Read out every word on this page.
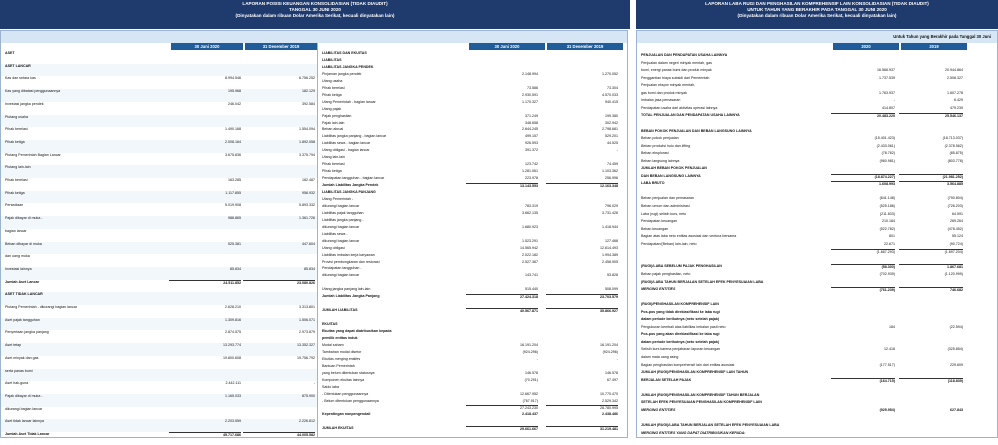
LAPORAN POSISI KEUANGAN KONSOLIDASIAN (TIDAK DIAUDIT)
TANGGAL 30 JUNI 2020
(Dinyatakan dalam ribuan Dolar Amerika Serikat, kecuali dinyatakan lain)
30 Juni 2020	31 Desember 2019	30 Juni 2020	31 Desember 2019
ASET
ASET LANCAR
Kas dan setara kas	8.994.546	6.756.252
Kas yang dibatasi penggunaannya	195.968	182.129
Investasi jangka pendek	246.042	392.584
Piutang usaha
Pihak berelasi	1.490.168	1.554.094
Pihak ketiga	2.008.164	1.892.058
Piutang Pemerintah Bagian Lancar	3.675.836	3.375.794
Piutang lain-lain
Pihak berelasi	163.285	182.487
Pihak ketiga	1.117.855	956.932
Persediaan	5.019.908	5.893.332
Pajak dibayar di muka -	988.865	1.361.726
bagian lancar
Beban dibayar di muka	525.381	447.604
dan uang muka
Investasi lainnya	85.834	85.834
Jumlah Aset Lancar	24.511.852	23.080.826
ASET TIDAK LANCAR
Piutang Pemerintah - dikurangi bagian lancar	2.628.210	3.313.801
Aset pajak tangguhan	1.309.816	1.506.071
Penyertaan jangka panjang	2.874.575	2.973.879
Aset tetap	13.293.774	13.352.327
Aset minyak dan gas	19.800.608	19.756.792
serta panas bumi
Aset hak-guna	2.442.111	-
Pajak dibayar di muka -	1.165.033	875.900
dikurangi bagian lancar
Aset tidak lancar lainnya	2.203.559	2.226.812
Jumlah Aset Tidak Lancar	45.717.686	44.005.582
LIABILITAS DAN EKUITAS
LIABILITAS
LIABILITAS JANGKA PENDEK
Pinjaman jangka pendek	2.148.994	1.270.052
Utang usaha
Pihak berelasi	73.586	73.304
Pihak ketiga	2.930.591	4.570.033
Utang Pemerintah - bagian lancar	1.170.327	940.415
Utang pajak
Pajak penghasilan	371.249	199.380
Pajak lain-lain	348.658	302.942
Beban akrual	2.644.245	2.798.681
Liabilitas jangka panjang - bagian lancar	499.157	529.201
Liabilitas sewa - bagian lancar	926.593	44.525
Utang obligasi - bagian lancar	391.372	-
Utang lain-lain
Pihak berelasi	123.742	74.459
Pihak ketiga	1.281.061	1.103.362
Pendapatan tangguhan - bagian lancar	223.978	256.996
Jumlah Liabilitas Jangka Pendek	13.143.553	12.163.348
LIABILITAS JANGKA PANJANG
Utang Pemerintah -
dikurangi bagian lancar	783.319	796.029
Liabilitas pajak tangguhan	3.662.135	3.731.426
Liabilitas jangka panjang -
dikurangi bagian lancar	1.680.923	1.418.944
Liabilitas sewa -
dikurangi bagian lancar	1.523.291	127.468
Utang obligasi	14.565.942	12.614.493
Liabilitas imbalan kerja karyawan	2.022.182	1.994.389
Provisi pembongkaran dan restorasi	2.527.367	2.458.905
Pendapatan tangguhan -
dikurangi bagian lancar	143.741	53.826
Utang jangka panjang lain-lain	515.440	508.099
Jumlah Liabilitas Jangka Panjang	27.424.318	23.703.579
JUMLAH LIABILITAS	40.567.871	35.866.927
EKUITAS
Ekuitas yang dapat diatribusikan kepada
pemilik entitas induk
Modal saham	16.191.204	16.191.204
Tambahan modal disetor	(924.296)	(924.296)
Ekuitas merging entities	-	-
Bantuan Pemerintah
yang belum ditentukan statusnya	146.578	146.578
Komponen ekuitas lainnya	(70.291)	67.497
Saldo laba
- Ditentukan penggunaannya	12.667.952	10.770.470
- Belum ditentukan penggunaannya	(767.917)	2.529.342
27.243.230	28.780.995
Kepentingan nonpengendali	2.418.437	2.438.486
JUMLAH EKUITAS	29.661.667	31.219.481
LAPORAN LABA RUGI DAN PENGHASILAN KOMPREHENSIF LAIN KONSOLIDASIAN (TIDAK DIAUDIT)
UNTUK TAHUN YANG BERAKHIR PADA TANGGAL 30 JUNI 2020
(Dinyatakan dalam ribuan Dolar Amerika Serikat, kecuali dinyatakan lain)
Untuk Tahun yang Berakhir pada Tanggal 30 Juni
2020	2019
PENJUALAN DAN PENDAPATAN USAHA LAINNYA
Penjualan dalam negeri minyak mentah, gas
bumi, energi panas bumi dan produk minyak	16.566.937	20.944.864
Penggantian biaya subsidi dari Pemerintah	1.737.539	2.508.327
Penjualan ekspor minyak mentah,
gas bumi dan produk minyak	1.763.937	1.607.278
Imbalan jasa pemasaran	-	6.429
Pendapatan usaha dari aktivitas operasi lainnya	414.807	479.239
TOTAL PENJUALAN DAN PENDAPATAN USAHA LAINNYA	20.483.220	25.546.137
BEBAN POKOK PENJUALAN DAN BEBAN LANGSUNG LAINNYA
Beban pokok penjualan	(15.401.423)	(18.713.037)
Beban produksi hulu dan lifting	(2.433.061)	(2.378.562)
Beban eksplorasi	(78.762)	(85.875)
Beban langsung lainnya	(960.981)	(803.778)
JUMLAH BEBAN POKOK PENJUALAN
DAN BEBAN LANGSUNG LAINNYA	(18.874.227)	(21.981.252)
LABA BRUTO	1.608.993	3.564.885
Beban penjualan dan pemasaran	(641.148)	(790.804)
Beban umum dan administrasi	(525.186)	(726.203)
Laba (rugi) selisih kurs, neto	(211.833)	64.591
Pendapatan keuangan	210.184	269.264
Beban keuangan	(522.782)	(478.452)
Bagian atas laba neto entitas asosiasi dan ventura bersama	801	55.124
Pendapatan/(Beban) lain-lain, neto	22.671	(90.724)
(1.667.293)	(1.697.204)
(RUGI)/LABA SEBELUM PAJAK PENGHASILAN	(58.300)	1.867.681
Beban pajak penghasilan, neto	(702.939)	(1.120.999)
(RUGI)/LABA TAHUN BERJALAN SETELAH EFEK PENYESUAIAN LABA
MERGING ENTITIES	(761.239)	746.682
(RUGI)/PENGHASILAN KOMPREHENSIF LAIN
Pos-pos yang tidak direklasifikasi ke laba rugi
dalam periode berikutnya (neto setelah pajak)
Pengukuran kembali atas liabilitas imbalan pasti neto	184	(22.594)
Pos-pos yang akan direklasifikasi ke laba rugi
dalam periode berikutnya (neto setelah pajak)
Selisih kurs karena penjabaran laporan keuangan	12.418	(325.854)
dalam mata uang asing
Bagian penghasilan komprehensif lain dari entitas asosiasi	(177.517)	229.609
JUMLAH (RUGI)/PENGHASILAN KOMPREHENSIF LAIN TAHUN
BERJALAN SETELAH PAJAK	(164.715)	(118.839)
JUMLAH (RUGI)/PENGHASILAN KOMPREHENSIF TAHUN BERJALAN
SETELAH EFEK PENYESUAIAN PENGHASILAN KOMPREHENSIF LAIN
MERGING ENTITIES	(925.954)	627.843
JUMLAH (RUGI)/LABA TAHUN BERJALAN SETELAH EFEK PENYESUAIAN LABA
MERGING ENTITIES YANG DAPAT DIATRIBUSIKAN KEPADA:
